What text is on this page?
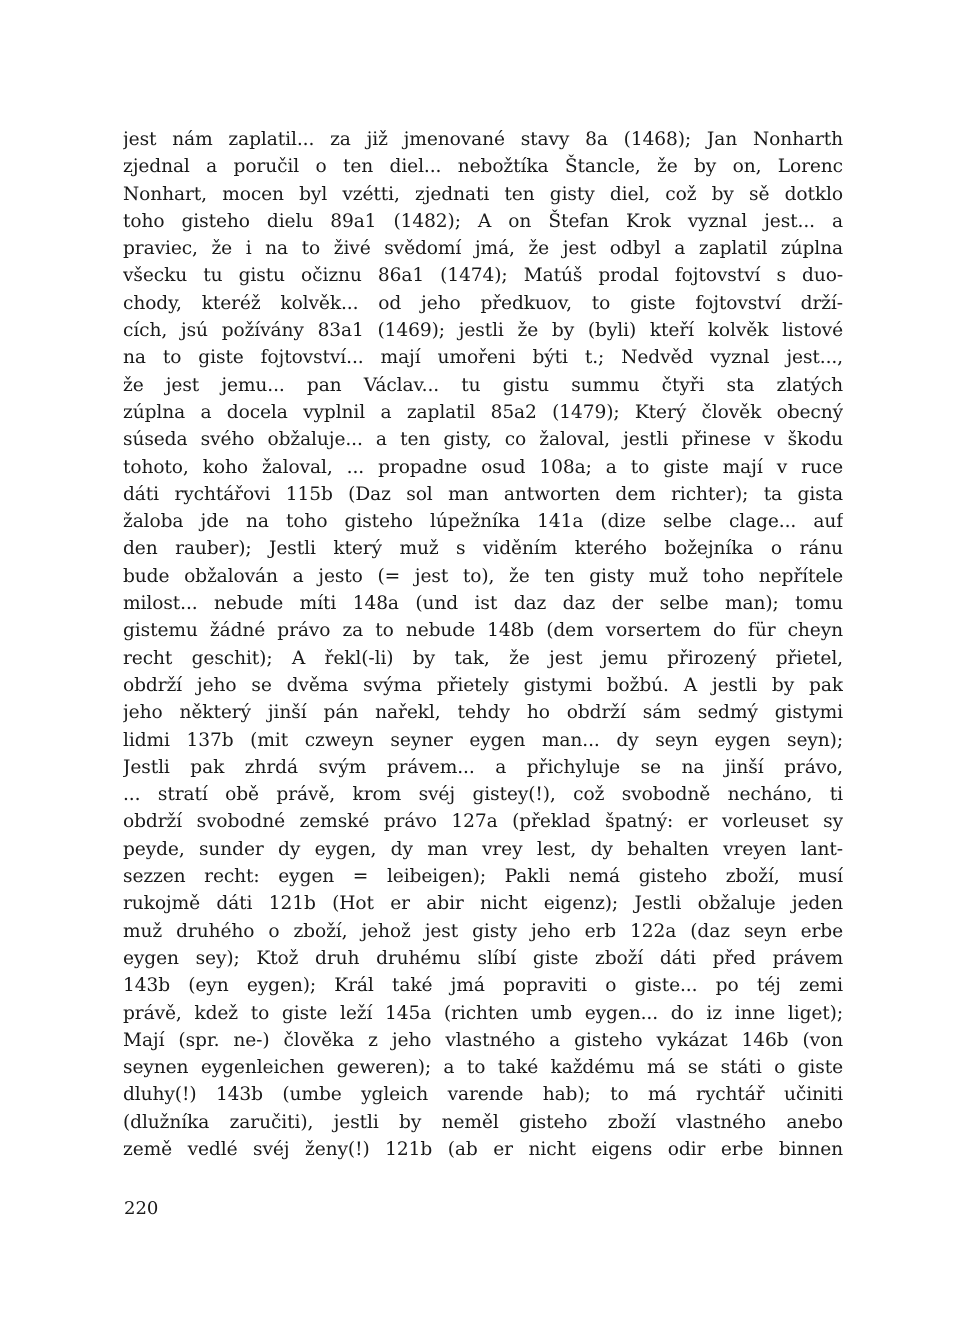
jest nám zaplatil... za již jmenované stavy 8a (1468); Jan Nonharth
zjednal a poručil o ten diel... nebožtíka Štancle, že by on, Lorenc
Nonhart, mocen byl vzétti, zjednati ten gisty diel, což by sě dotklo
toho gisteho dielu 89a1 (1482); A on Štefan Krok vyznal jest... a
praviec, že i na to živé svědomí jmá, že jest odbyl a zaplatil zúplna
všecku tu gistu očiznu 86a1 (1474); Matúš prodal fojtovství s duo-
chody, kteréž kolvěk... od jeho předkuov, to giste fojtovství drží-
cích, jsú požívány 83a1 (1469); jestli že by (byli) kteří kolvěk listové
na to giste fojtovství... mají umořeni býti t.; Nedvěd vyznal jest...,
že jest jemu... pan Václav... tu gistu summu čtyři sta zlatých
zúplna a docela vyplnil a zaplatil 85a2 (1479); Který člověk obecný
súseda svého obžaluje... a ten gisty, co žaloval, jestli přinese v škodu
tohoto, koho žaloval, ... propadne osud 108a; a to giste mají v ruce
dáti rychtářovi 115b (Daz sol man antworten dem richter); ta gista
žaloba jde na toho gisteho lúpežníka 141a (dize selbe clage... auf
den rauber); Jestli který muž s viděním kterého božejníka o ránu
bude obžalován a jesto (= jest to), že ten gisty muž toho nepřítele
milost... nebude míti 148a (und ist daz daz der selbe man); tomu
gistemu žádné právo za to nebude 148b (dem vorsertem do für cheyn
recht geschit); A řekl(-li) by tak, že jest jemu přirozený přietel,
obdrží jeho se dvěma svýma přietely gistymi božbú. A jestli by pak
jeho některý jinší pán nařekl, tehdy ho obdrží sám sedmý gistymi
lidmi 137b (mit czweyn seyner eygen man... dy seyn eygen seyn);
Jestli pak zhrdá svým právem... a přichyluje se na jinší právo,
... stratí obě právě, krom svéj gistey(!), což svobodně necháno, ti
obdrží svobodné zemské právo 127a (překlad špatný: er vorleuset sy
peyde, sunder dy eygen, dy man vrey lest, dy behalten vreyen lant-
sezzen recht: eygen = leibeigen); Pakli nemá gisteho zboží, musí
rukojmě dáti 121b (Hot er abir nicht eigenz); Jestli obžaluje jeden
muž druhého o zboží, jehož jest gisty jeho erb 122a (daz seyn erbe
eygen sey); Ktož druh druhému slíbí giste zboží dáti před právem
143b (eyn eygen); Král také jmá popraviti o giste... po téj zemi
právě, kdež to giste leží 145a (richten umb eygen... do iz inne liget);
Mají (spr. ne-) člověka z jeho vlastného a gisteho vykázat 146b (von
seynen eygenleichen geweren); a to také každému má se státi o giste
dluhy(!) 143b (umbe ygleich varende hab); to má rychtář učiniti
(dlužníka zaručiti), jestli by neměl gisteho zboží vlastného anebo
země vedlé svéj ženy(!) 121b (ab er nicht eigens odir erbe binnen
220
